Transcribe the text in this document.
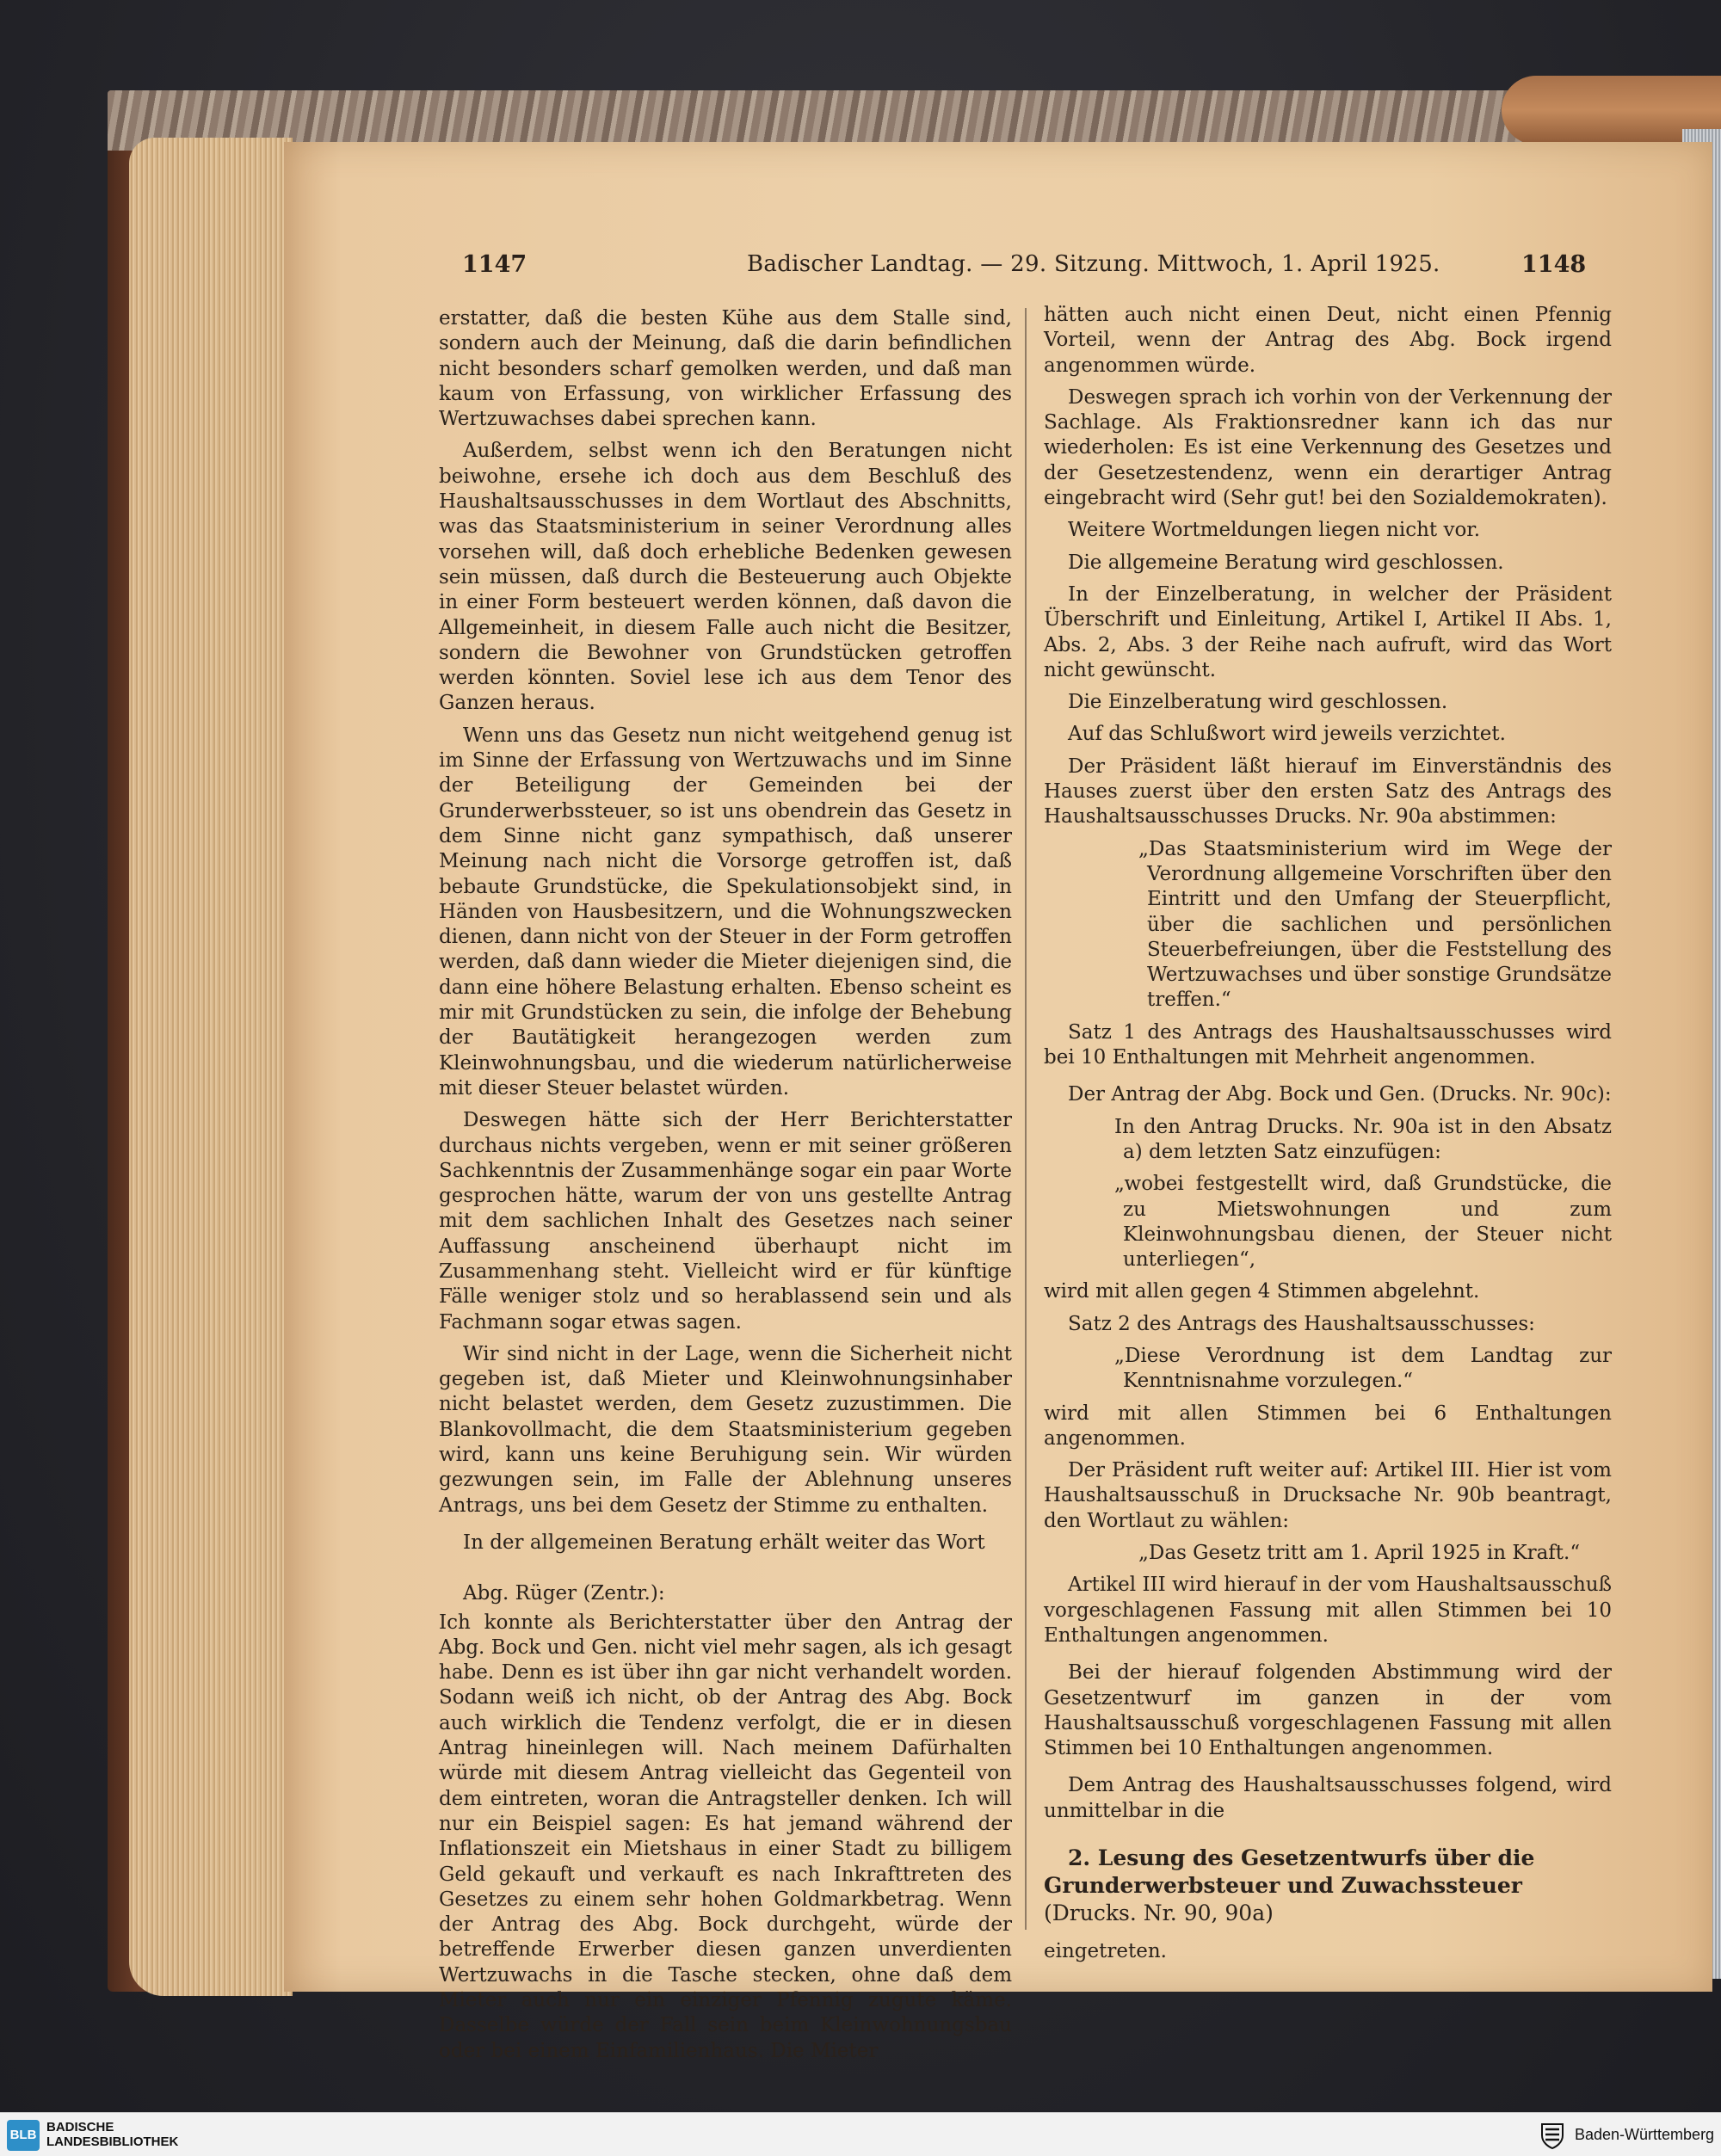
1147	Badischer Landtag. — 29. Sitzung. Mittwoch, 1. April 1925.	1148

erstatter, daß die besten Kühe aus dem Stalle sind, sondern auch der Meinung, daß die darin befindlichen nicht besonders scharf gemolken werden, und daß man kaum von Erfassung, von wirklicher Erfassung des Wertzuwachses dabei sprechen kann.

Außerdem, selbst wenn ich den Beratungen nicht beiwohne, ersehe ich doch aus dem Beschluß des Haushaltsausschusses in dem Wortlaut des Abschnitts, was das Staatsministerium in seiner Verordnung alles vorsehen will, daß doch erhebliche Bedenken gewesen sein müssen, daß durch die Besteuerung auch Objekte in einer Form besteuert werden können, daß davon die Allgemeinheit, in diesem Falle auch nicht die Besitzer, sondern die Bewohner von Grundstücken getroffen werden könnten. Soviel lese ich aus dem Tenor des Ganzen heraus.

Wenn uns das Gesetz nun nicht weitgehend genug ist im Sinne der Erfassung von Wertzuwachs und im Sinne der Beteiligung der Gemeinden bei der Grunderwerbssteuer, so ist uns obendrein das Gesetz in dem Sinne nicht ganz sympathisch, daß unserer Meinung nach nicht die Vorsorge getroffen ist, daß bebaute Grundstücke, die Spekulationsobjekt sind, in Händen von Hausbesitzern, und die Wohnungszwecken dienen, dann nicht von der Steuer in der Form getroffen werden, daß dann wieder die Mieter diejenigen sind, die dann eine höhere Belastung erhalten. Ebenso scheint es mir mit Grundstücken zu sein, die infolge der Behebung der Bautätigkeit herangezogen werden zum Kleinwohnungsbau, und die wiederum natürlicherweise mit dieser Steuer belastet würden.

Deswegen hätte sich der Herr Berichterstatter durchaus nichts vergeben, wenn er mit seiner größeren Sachkenntnis der Zusammenhänge sogar ein paar Worte gesprochen hätte, warum der von uns gestellte Antrag mit dem sachlichen Inhalt des Gesetzes nach seiner Auffassung anscheinend überhaupt nicht im Zusammenhang steht. Vielleicht wird er für künftige Fälle weniger stolz und so herablassend sein und als Fachmann sogar etwas sagen.

Wir sind nicht in der Lage, wenn die Sicherheit nicht gegeben ist, daß Mieter und Kleinwohnungsinhaber nicht belastet werden, dem Gesetz zuzustimmen. Die Blankovollmacht, die dem Staatsministerium gegeben wird, kann uns keine Beruhigung sein. Wir würden gezwungen sein, im Falle der Ablehnung unseres Antrags, uns bei dem Gesetz der Stimme zu enthalten.

In der allgemeinen Beratung erhält weiter das Wort

Abg. Rüger (Zentr.):

Ich konnte als Berichterstatter über den Antrag der Abg. Bock und Gen. nicht viel mehr sagen, als ich gesagt habe. Denn es ist über ihn gar nicht verhandelt worden. Sodann weiß ich nicht, ob der Antrag des Abg. Bock auch wirklich die Tendenz verfolgt, die er in diesen Antrag hineinlegen will. Nach meinem Dafürhalten würde mit diesem Antrag vielleicht das Gegenteil von dem eintreten, woran die Antragsteller denken. Ich will nur ein Beispiel sagen: Es hat jemand während der Inflationszeit ein Mietshaus in einer Stadt zu billigem Geld gekauft und verkauft es nach Inkrafttreten des Gesetzes zu einem sehr hohen Goldmarkbetrag. Wenn der Antrag des Abg. Bock durchgeht, würde der betreffende Erwerber diesen ganzen unverdienten Wertzuwachs in die Tasche stecken, ohne daß dem Mieter auch nur ein einziger Pfennig zugute käme. Dasselbe würde der Fall sein beim Kleinwohnungsbau oder bei einem Einfamilienhaus. Die Mieter

hätten auch nicht einen Deut, nicht einen Pfennig Vorteil, wenn der Antrag des Abg. Bock irgend angenommen würde.

Deswegen sprach ich vorhin von der Verkennung der Sachlage. Als Fraktionsredner kann ich das nur wiederholen: Es ist eine Verkennung des Gesetzes und der Gesetzestendenz, wenn ein derartiger Antrag eingebracht wird (Sehr gut! bei den Sozialdemokraten).

Weitere Wortmeldungen liegen nicht vor.

Die allgemeine Beratung wird geschlossen.

In der Einzelberatung, in welcher der Präsident Überschrift und Einleitung, Artikel I, Artikel II Abs. 1, Abs. 2, Abs. 3 der Reihe nach aufruft, wird das Wort nicht gewünscht.

Die Einzelberatung wird geschlossen.

Auf das Schlußwort wird jeweils verzichtet.

Der Präsident läßt hierauf im Einverständnis des Hauses zuerst über den ersten Satz des Antrags des Haushaltsausschusses Drucks. Nr. 90a abstimmen:

„Das Staatsministerium wird im Wege der Verordnung allgemeine Vorschriften über den Eintritt und den Umfang der Steuerpflicht, über die sachlichen und persönlichen Steuerbefreiungen, über die Feststellung des Wertzuwachses und über sonstige Grundsätze treffen.“

Satz 1 des Antrags des Haushaltsausschusses wird bei 10 Enthaltungen mit Mehrheit angenommen.

Der Antrag der Abg. Bock und Gen. (Drucks. Nr. 90c):

In den Antrag Drucks. Nr. 90a ist in den Absatz a) dem letzten Satz einzufügen:

„wobei festgestellt wird, daß Grundstücke, die zu Mietswohnungen und zum Kleinwohnungsbau dienen, der Steuer nicht unterliegen“,

wird mit allen gegen 4 Stimmen abgelehnt.

Satz 2 des Antrags des Haushaltsausschusses:

„Diese Verordnung ist dem Landtag zur Kenntnisnahme vorzulegen.“

wird mit allen Stimmen bei 6 Enthaltungen angenommen.

Der Präsident ruft weiter auf: Artikel III. Hier ist vom Haushaltsausschuß in Drucksache Nr. 90b beantragt, den Wortlaut zu wählen:

„Das Gesetz tritt am 1. April 1925 in Kraft.“

Artikel III wird hierauf in der vom Haushaltsausschuß vorgeschlagenen Fassung mit allen Stimmen bei 10 Enthaltungen angenommen.

Bei der hierauf folgenden Abstimmung wird der Gesetzentwurf im ganzen in der vom Haushaltsausschuß vorgeschlagenen Fassung mit allen Stimmen bei 10 Enthaltungen angenommen.

Dem Antrag des Haushaltsausschusses folgend, wird unmittelbar in die

2. Lesung des Gesetzentwurfs über die Grunderwerbsteuer und Zuwachssteuer (Drucks. Nr. 90, 90a)

eingetreten.

BLB
BADISCHE
LANDESBIBLIOTHEK	Baden-Württemberg
